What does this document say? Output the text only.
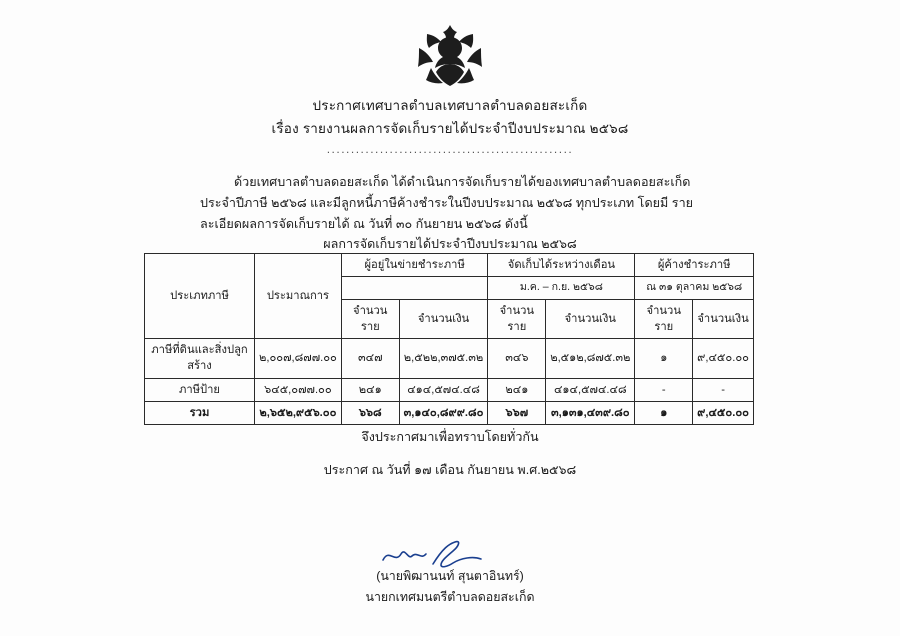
ประกาศเทศบาลตำบลเทศบาลตำบลดอยสะเก็ด
เรื่อง รายงานผลการจัดเก็บรายได้ประจำปีงบประมาณ ๒๕๖๘
...................................................
ด้วยเทศบาลตำบลดอยสะเก็ด ได้ดำเนินการจัดเก็บรายได้ของเทศบาลตำบลดอยสะเก็ด ประจำปีภาษี ๒๕๖๘ และมีลูกหนี้ภาษีค้างชำระในปีงบประมาณ ๒๕๖๘ ทุกประเภท โดยมี รายละเอียดผลการจัดเก็บรายได้ ณ วันที่ ๓๐ กันยายน ๒๕๖๘ ดังนี้
ผลการจัดเก็บรายได้ประจำปีงบประมาณ ๒๕๖๘
ประเภทภาษี	ประมาณการ	ผู้อยู่ในข่ายชำระภาษี		จัดเก็บได้ระหว่างเดือน		ผู้ค้างชำระภาษี	
				ม.ค. – ก.ย. ๒๕๖๘		ณ ๓๑ ตุลาคม ๒๕๖๘	
		จำนวนราย	จำนวนเงิน	จำนวนราย	จำนวนเงิน	จำนวนราย	จำนวนเงิน
ภาษีที่ดินและสิ่งปลูกสร้าง	๒,๐๐๗,๘๗๗.๐๐	๓๔๗	๒,๕๒๒,๓๗๕.๓๒	๓๔๖	๒,๕๑๒,๘๗๕.๓๒	๑	๙,๔๕๐.๐๐
ภาษีป้าย	๖๔๕,๐๗๗.๐๐	๒๔๑	๔๑๔,๕๗๔.๔๘	๒๔๑	๔๑๔,๕๗๔.๔๘	-	-
รวม	๒,๖๕๒,๙๕๖.๐๐	๖๖๘	๓,๑๔๐,๘๙๙.๘๐	๖๖๗	๓,๑๓๑,๔๓๙.๘๐	๑	๙,๔๕๐.๐๐
จึงประกาศมาเพื่อทราบโดยทั่วกัน
ประกาศ ณ วันที่ ๑๗ เดือน กันยายน พ.ศ.๒๕๖๘
(นายพิฒานนท์ สุนตาอินทร์)
นายกเทศมนตรีตำบลดอยสะเก็ด
